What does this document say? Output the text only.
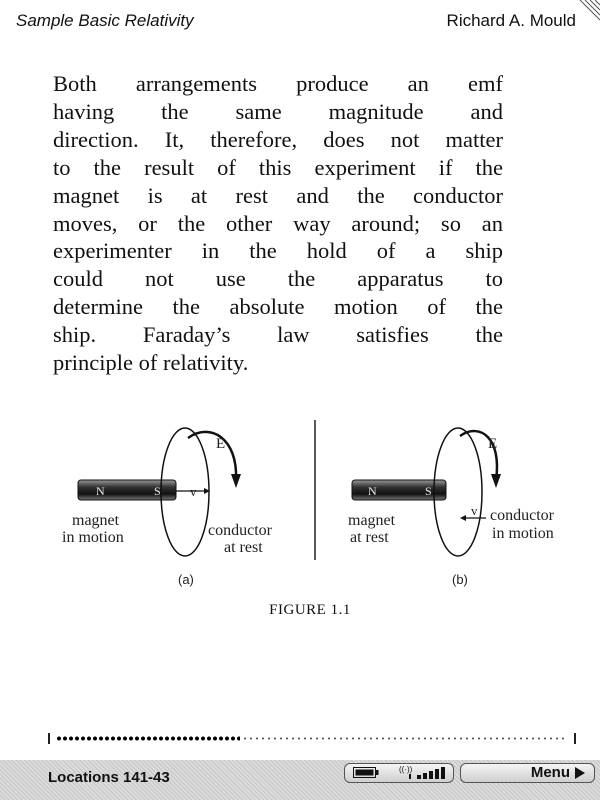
Sample Basic Relativity	Richard A. Mould
Both arrangements produce an emf
having the same magnitude and
direction. It, therefore, does not matter
to the result of this experiment if the
magnet is at rest and the conductor
moves, or the other way around; so an
experimenter in the hold of a ship
could not use the apparatus to
determine the absolute motion of the
ship. Faraday’s law satisfies the
principle of relativity.
N	S v
E
magnet
in motion	conductor
at rest
(a)
N	S
v
E
magnet
at rest
conductor
in motion
(b)
FIGURE 1.1
Locations 141-43	((·))	Menu
